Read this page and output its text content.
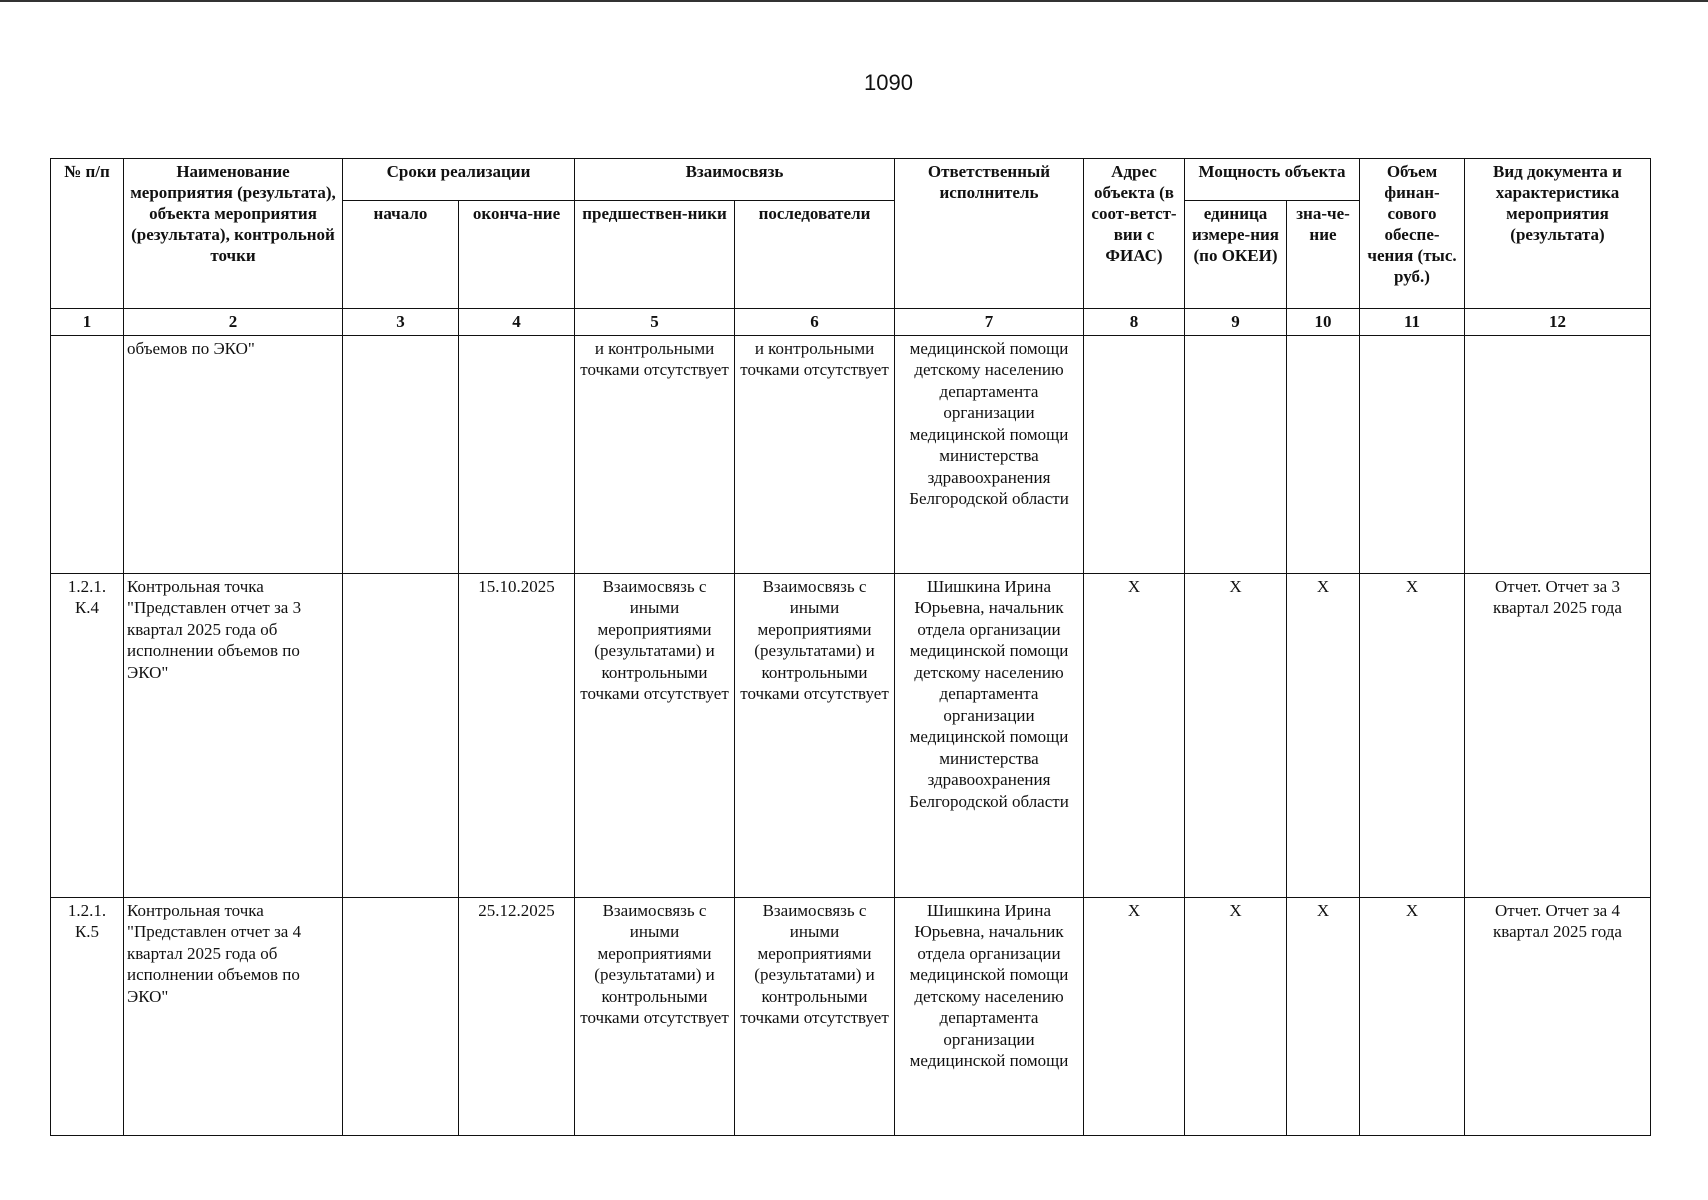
1090
№ п/п	Наименование мероприятия (результата), объекта мероприятия (результата), контрольной точки	Сроки реализации		Взаимосвязь		Ответственный исполнитель	Адрес объекта (в соот-ветст-вии с ФИАС)	Мощность объекта		Объем финан-сового обеспе-чения (тыс. руб.)	Вид документа и характеристика мероприятия (результата)
		начало	оконча-ние	предшествен-ники	последователи			единица измере-ния (по ОКЕИ)	зна-че-ние		
1	2	3	4	5	6	7	8	9	10	11	12
	объемов по ЭКО"			и контрольными точками отсутствует	и контрольными точками отсутствует	медицинской помощи детскому населению департамента организации медицинской помощи министерства здравоохранения Белгородской области					
1.2.1. К.4	Контрольная точка "Представлен отчет за 3 квартал 2025 года об исполнении объемов по ЭКО"		15.10.2025	Взаимосвязь с иными мероприятиями (результатами) и контрольными точками отсутствует	Взаимосвязь с иными мероприятиями (результатами) и контрольными точками отсутствует	Шишкина Ирина Юрьевна, начальник отдела организации медицинской помощи детскому населению департамента организации медицинской помощи министерства здравоохранения Белгородской области	X	X	X	X	Отчет. Отчет за 3 квартал 2025 года
1.2.1. К.5	Контрольная точка "Представлен отчет за 4 квартал 2025 года об исполнении объемов по ЭКО"		25.12.2025	Взаимосвязь с иными мероприятиями (результатами) и контрольными точками отсутствует	Взаимосвязь с иными мероприятиями (результатами) и контрольными точками отсутствует	Шишкина Ирина Юрьевна, начальник отдела организации медицинской помощи детскому населению департамента организации медицинской помощи	X	X	X	X	Отчет. Отчет за 4 квартал 2025 года
